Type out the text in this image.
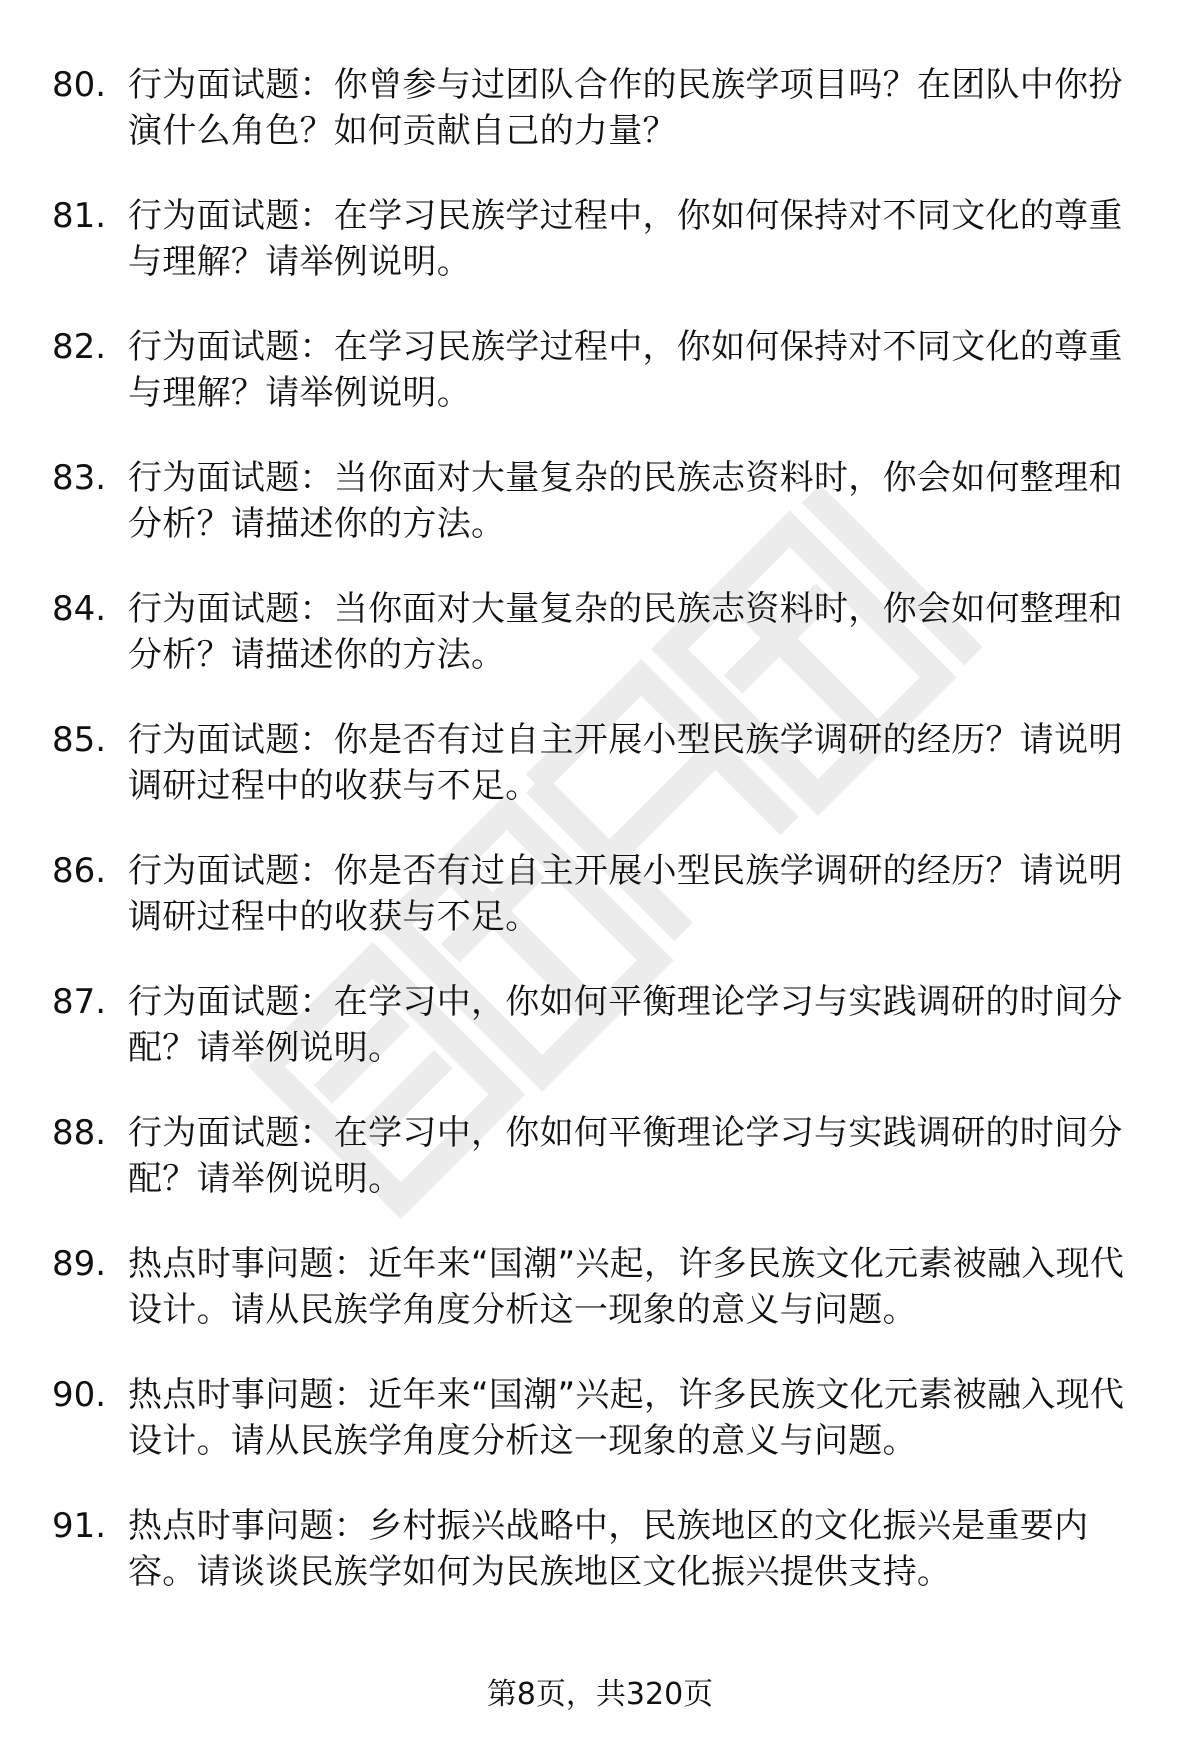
80. 行为面试题：你曾参与过团队合作的民族学项目吗？在团队中你扮演什么角色？如何贡献自己的力量？
81. 行为面试题：在学习民族学过程中，你如何保持对不同文化的尊重与理解？请举例说明。
82. 行为面试题：在学习民族学过程中，你如何保持对不同文化的尊重与理解？请举例说明。
83. 行为面试题：当你面对大量复杂的民族志资料时，你会如何整理和分析？请描述你的方法。
84. 行为面试题：当你面对大量复杂的民族志资料时，你会如何整理和分析？请描述你的方法。
85. 行为面试题：你是否有过自主开展小型民族学调研的经历？请说明调研过程中的收获与不足。
86. 行为面试题：你是否有过自主开展小型民族学调研的经历？请说明调研过程中的收获与不足。
87. 行为面试题：在学习中，你如何平衡理论学习与实践调研的时间分配？请举例说明。
88. 行为面试题：在学习中，你如何平衡理论学习与实践调研的时间分配？请举例说明。
89. 热点时事问题：近年来“国潮”兴起，许多民族文化元素被融入现代设计。请从民族学角度分析这一现象的意义与问题。
90. 热点时事问题：近年来“国潮”兴起，许多民族文化元素被融入现代设计。请从民族学角度分析这一现象的意义与问题。
91. 热点时事问题：乡村振兴战略中，民族地区的文化振兴是重要内容。请谈谈民族学如何为民族地区文化振兴提供支持。
第8页，共320页
